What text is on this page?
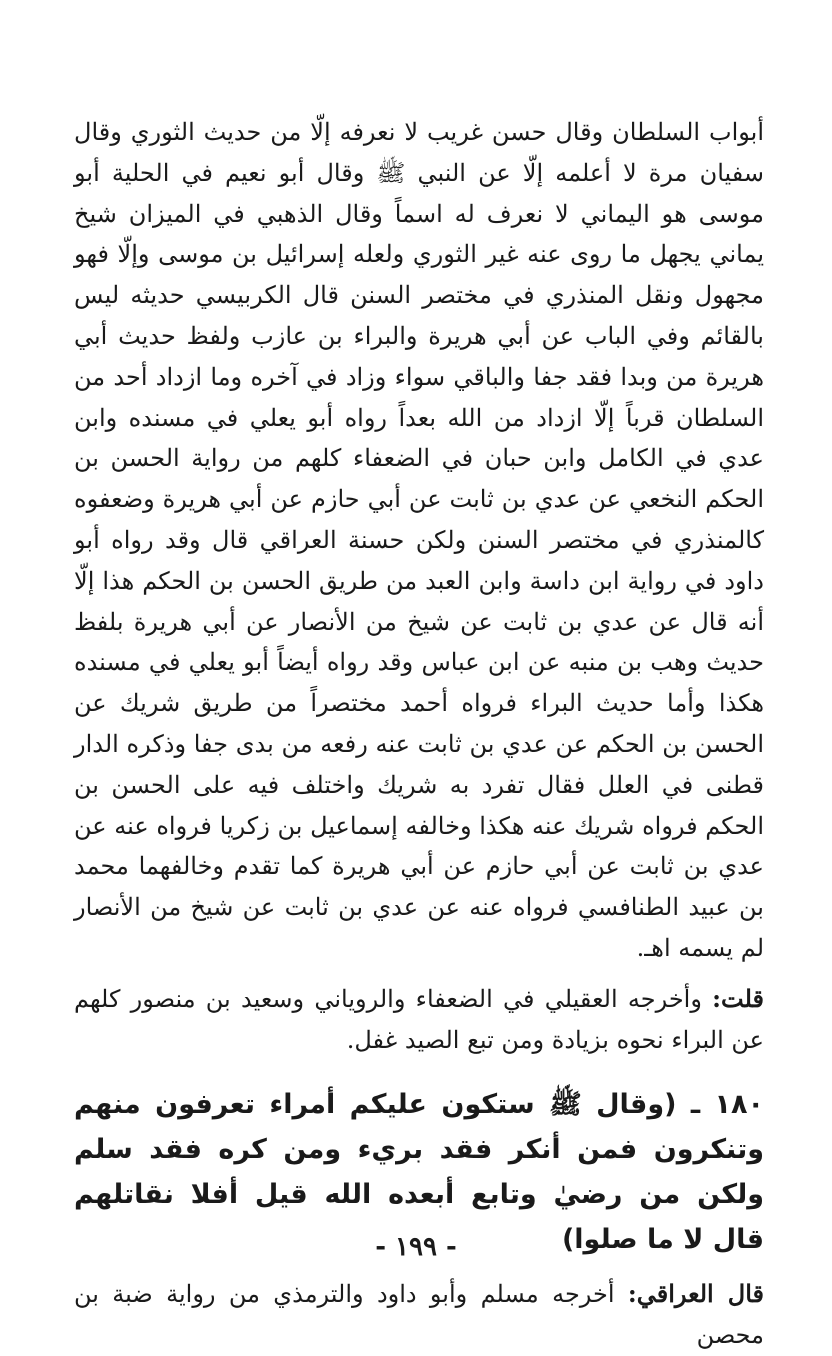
أبواب السلطان وقال حسن غريب لا نعرفه إلّا من حديث الثوري وقال سفيان مرة لا أعلمه إلّا عن النبي ﷺ وقال أبو نعيم في الحلية أبو موسى هو اليماني لا نعرف له اسماً وقال الذهبي في الميزان شيخ يماني يجهل ما روى عنه غير الثوري ولعله إسرائيل بن موسى وإلّا فهو مجهول ونقل المنذري في مختصر السنن قال الكربيسي حديثه ليس بالقائم وفي الباب عن أبي هريرة والبراء بن عازب ولفظ حديث أبي هريرة من وبدا فقد جفا والباقي سواء وزاد في آخره وما ازداد أحد من السلطان قرباً إلّا ازداد من الله بعداً رواه أبو يعلي في مسنده وابن عدي في الكامل وابن حبان في الضعفاء كلهم من رواية الحسن بن الحكم النخعي عن عدي بن ثابت عن أبي حازم عن أبي هريرة وضعفوه كالمنذري في مختصر السنن ولكن حسنة العراقي قال وقد رواه أبو داود في رواية ابن داسة وابن العبد من طريق الحسن بن الحكم هذا إلّا أنه قال عن عدي بن ثابت عن شيخ من الأنصار عن أبي هريرة بلفظ حديث وهب بن منبه عن ابن عباس وقد رواه أيضاً أبو يعلي في مسنده هكذا وأما حديث البراء فرواه أحمد مختصراً من طريق شريك عن الحسن بن الحكم عن عدي بن ثابت عنه رفعه من بدى جفا وذكره الدار قطنى في العلل فقال تفرد به شريك واختلف فيه على الحسن بن الحكم فرواه شريك عنه هكذا وخالفه إسماعيل بن زكريا فرواه عنه عن عدي بن ثابت عن أبي حازم عن أبي هريرة كما تقدم وخالفهما محمد بن عبيد الطنافسي فرواه عنه عن عدي بن ثابت عن شيخ من الأنصار لم يسمه اهـ.

قلت: وأخرجه العقيلي في الضعفاء والروياني وسعيد بن منصور كلهم عن البراء نحوه بزيادة ومن تبع الصيد غفل.

١٨٠ ـ (وقال ﷺ ستكون عليكم أمراء تعرفون منهم وتنكرون فمن أنكر فقد بريء ومن كره فقد سلم ولكن من رضيٰ وتابع أبعده الله قيل أفلا نقاتلهم قال لا ما صلوا)

قال العراقي: أخرجه مسلم وأبو داود والترمذي من رواية ضبة بن محصن

- ١٩٩ -
